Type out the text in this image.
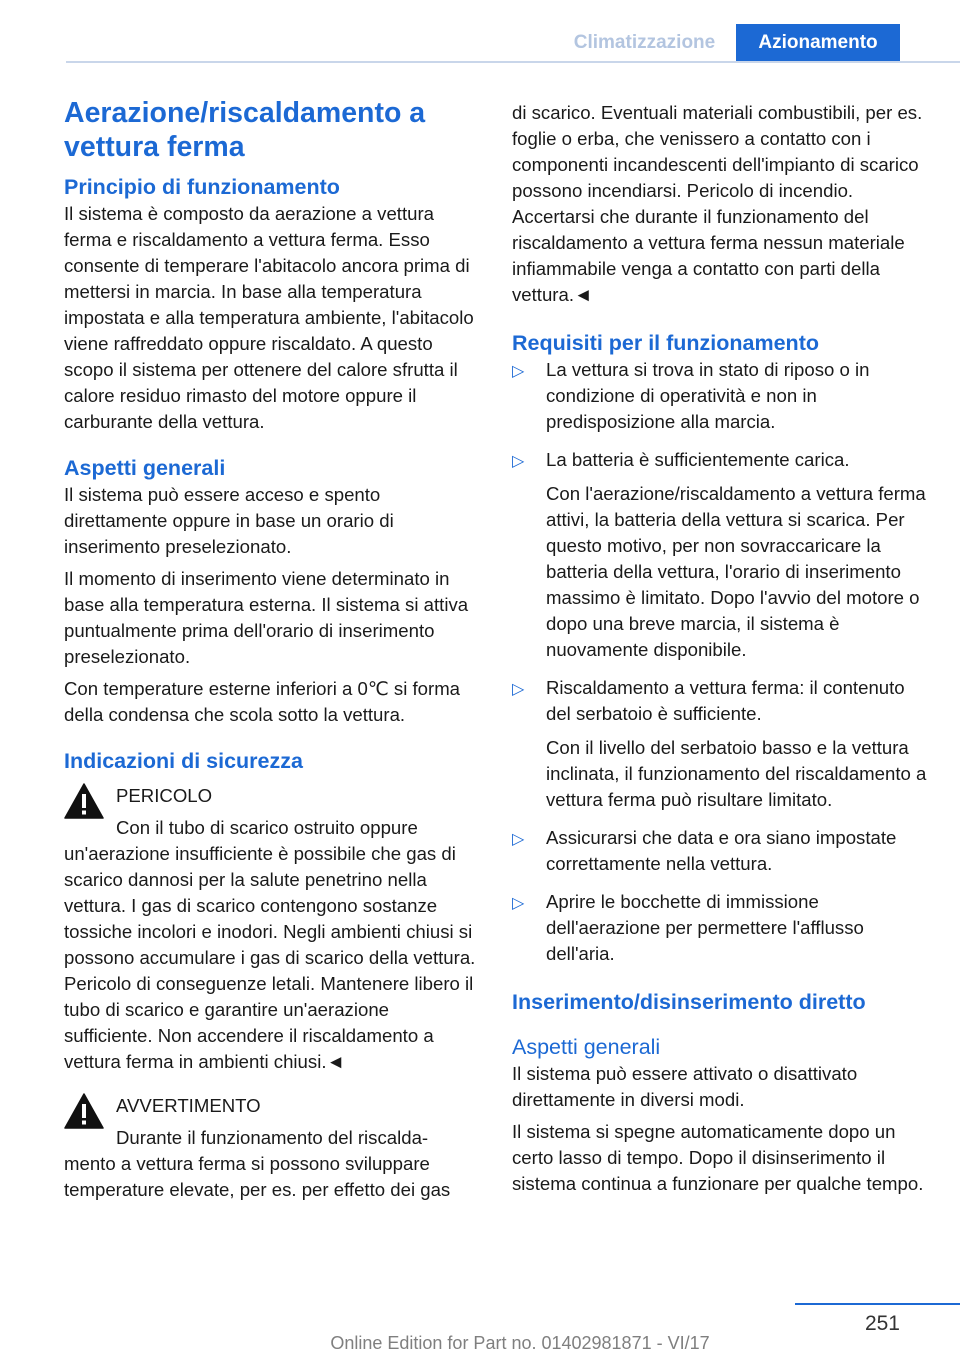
Climatizzazione	Azionamento
Aerazione/riscaldamento a vettura ferma
Principio di funzionamento

Il sistema è composto da aerazione a vettura ferma e riscaldamento a vettura ferma. Esso consente di temperare l'abitacolo ancora prima di mettersi in marcia. In base alla temperatura impostata e alla temperatura ambiente, l'abitacolo viene raffreddato oppure riscaldato. A questo scopo il sistema per ottenere del calore sfrutta il calore residuo rimasto del motore oppure il carburante della vettura.

Aspetti generali

Il sistema può essere acceso e spento direttamente oppure in base un orario di inserimento preselezionato.

Il momento di inserimento viene determinato in base alla temperatura esterna. Il sistema si attiva puntualmente prima dell'orario di inserimento preselezionato.

Con temperature esterne inferiori a 0℃ si forma della condensa che scola sotto la vettura.

Indicazioni di sicurezza
PERICOLO

Con il tubo di scarico ostruito oppure

un'aerazione insufficiente è possibile che gas di scarico dannosi per la salute penetrino nella vettura. I gas di scarico contengono sostanze tossiche incolori e inodori. Negli ambienti chiusi si possono accumulare i gas di scarico della vettura. Pericolo di conseguenze letali. Mantenere libero il tubo di scarico e garantire un'aerazione sufficiente. Non accendere il riscaldamento a vettura ferma in ambienti chiusi.◄

AVVERTIMENTO

Durante il funzionamento del riscalda-

mento a vettura ferma si possono sviluppare temperature elevate, per es. per effetto dei gas

di scarico. Eventuali materiali combustibili, per es. foglie o erba, che venissero a contatto con i componenti incandescenti dell'impianto di scarico possono incendiarsi. Pericolo di incendio. Accertarsi che durante il funzionamento del riscaldamento a vettura ferma nessun materiale infiammabile venga a contatto con parti della vettura.◄

Requisiti per il funzionamento
▷ La vettura si trova in stato di riposo o in condizione di operatività e non in predisposizione alla marcia.

▷ La batteria è sufficientemente carica.

Con l'aerazione/riscaldamento a vettura ferma attivi, la batteria della vettura si scarica. Per questo motivo, per non sovraccaricare la batteria della vettura, l'orario di inserimento massimo è limitato. Dopo l'avvio del motore o dopo una breve marcia, il sistema è nuovamente disponibile.

▷ Riscaldamento a vettura ferma: il contenuto del serbatoio è sufficiente.

Con il livello del serbatoio basso e la vettura inclinata, il funzionamento del riscaldamento a vettura ferma può risultare limitato.

▷ Assicurarsi che data e ora siano impostate correttamente nella vettura.

▷ Aprire le bocchette di immissione dell'aerazione per permettere l'afflusso dell'aria.

Inserimento/disinserimento diretto
Aspetti generali

Il sistema può essere attivato o disattivato direttamente in diversi modi.

Il sistema si spegne automaticamente dopo un certo lasso di tempo. Dopo il disinserimento il sistema continua a funzionare per qualche tempo.

251
Online Edition for Part no. 01402981871 - VI/17
